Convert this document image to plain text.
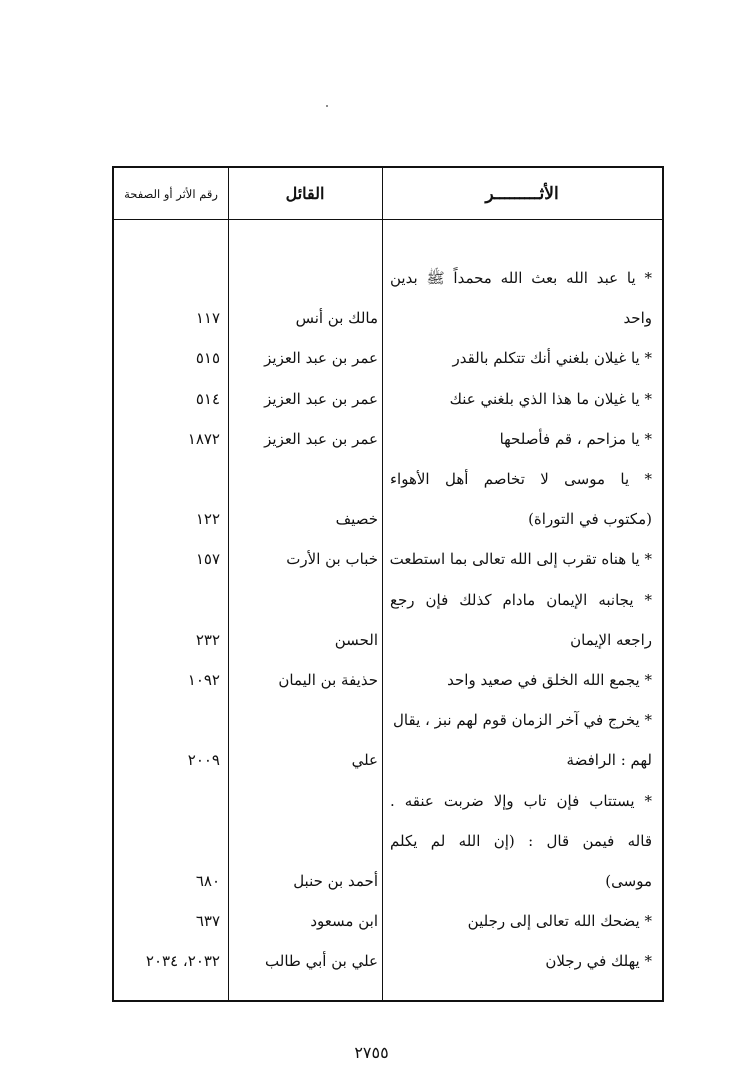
الأثـــــــــر
القائل
رقم الأثر أو الصفحة
* يا عبد الله بعث الله محمداً ﷺ بدين
واحد
مالك بن أنس
١١٧
* يا غيلان بلغني أنك تتكلم بالقدر
عمر بن عبد العزيز
٥١٥
* يا غيلان ما هذا الذي بلغني عنك
عمر بن عبد العزيز
٥١٤
* يا مزاحم ، قم فأصلحها
عمر بن عبد العزيز
١٨٧٢
* يا موسى لا تخاصم أهل الأهواء
(مكتوب في التوراة)
خصيف
١٢٢
* يا هناه تقرب إلى الله تعالى بما استطعت
خباب بن الأرت
١٥٧
* يجانبه الإيمان مادام كذلك فإن رجع
راجعه الإيمان
الحسن
٢٣٢
* يجمع الله الخلق في صعيد واحد
حذيفة بن اليمان
١٠٩٢
* يخرج في آخر الزمان قوم لهم نبز ، يقال
لهم : الرافضة
علي
٢٠٠٩
* يستتاب فإن تاب وإلا ضربت عنقه .
قاله فيمن قال : (إن الله لم يكلم
موسى)
أحمد بن حنبل
٦٨٠
* يضحك الله تعالى إلى رجلين
ابن مسعود
٦٣٧
* يهلك في رجلان
علي بن أبي طالب
٢٠٣٢، ٢٠٣٤
٢٧٥٥
